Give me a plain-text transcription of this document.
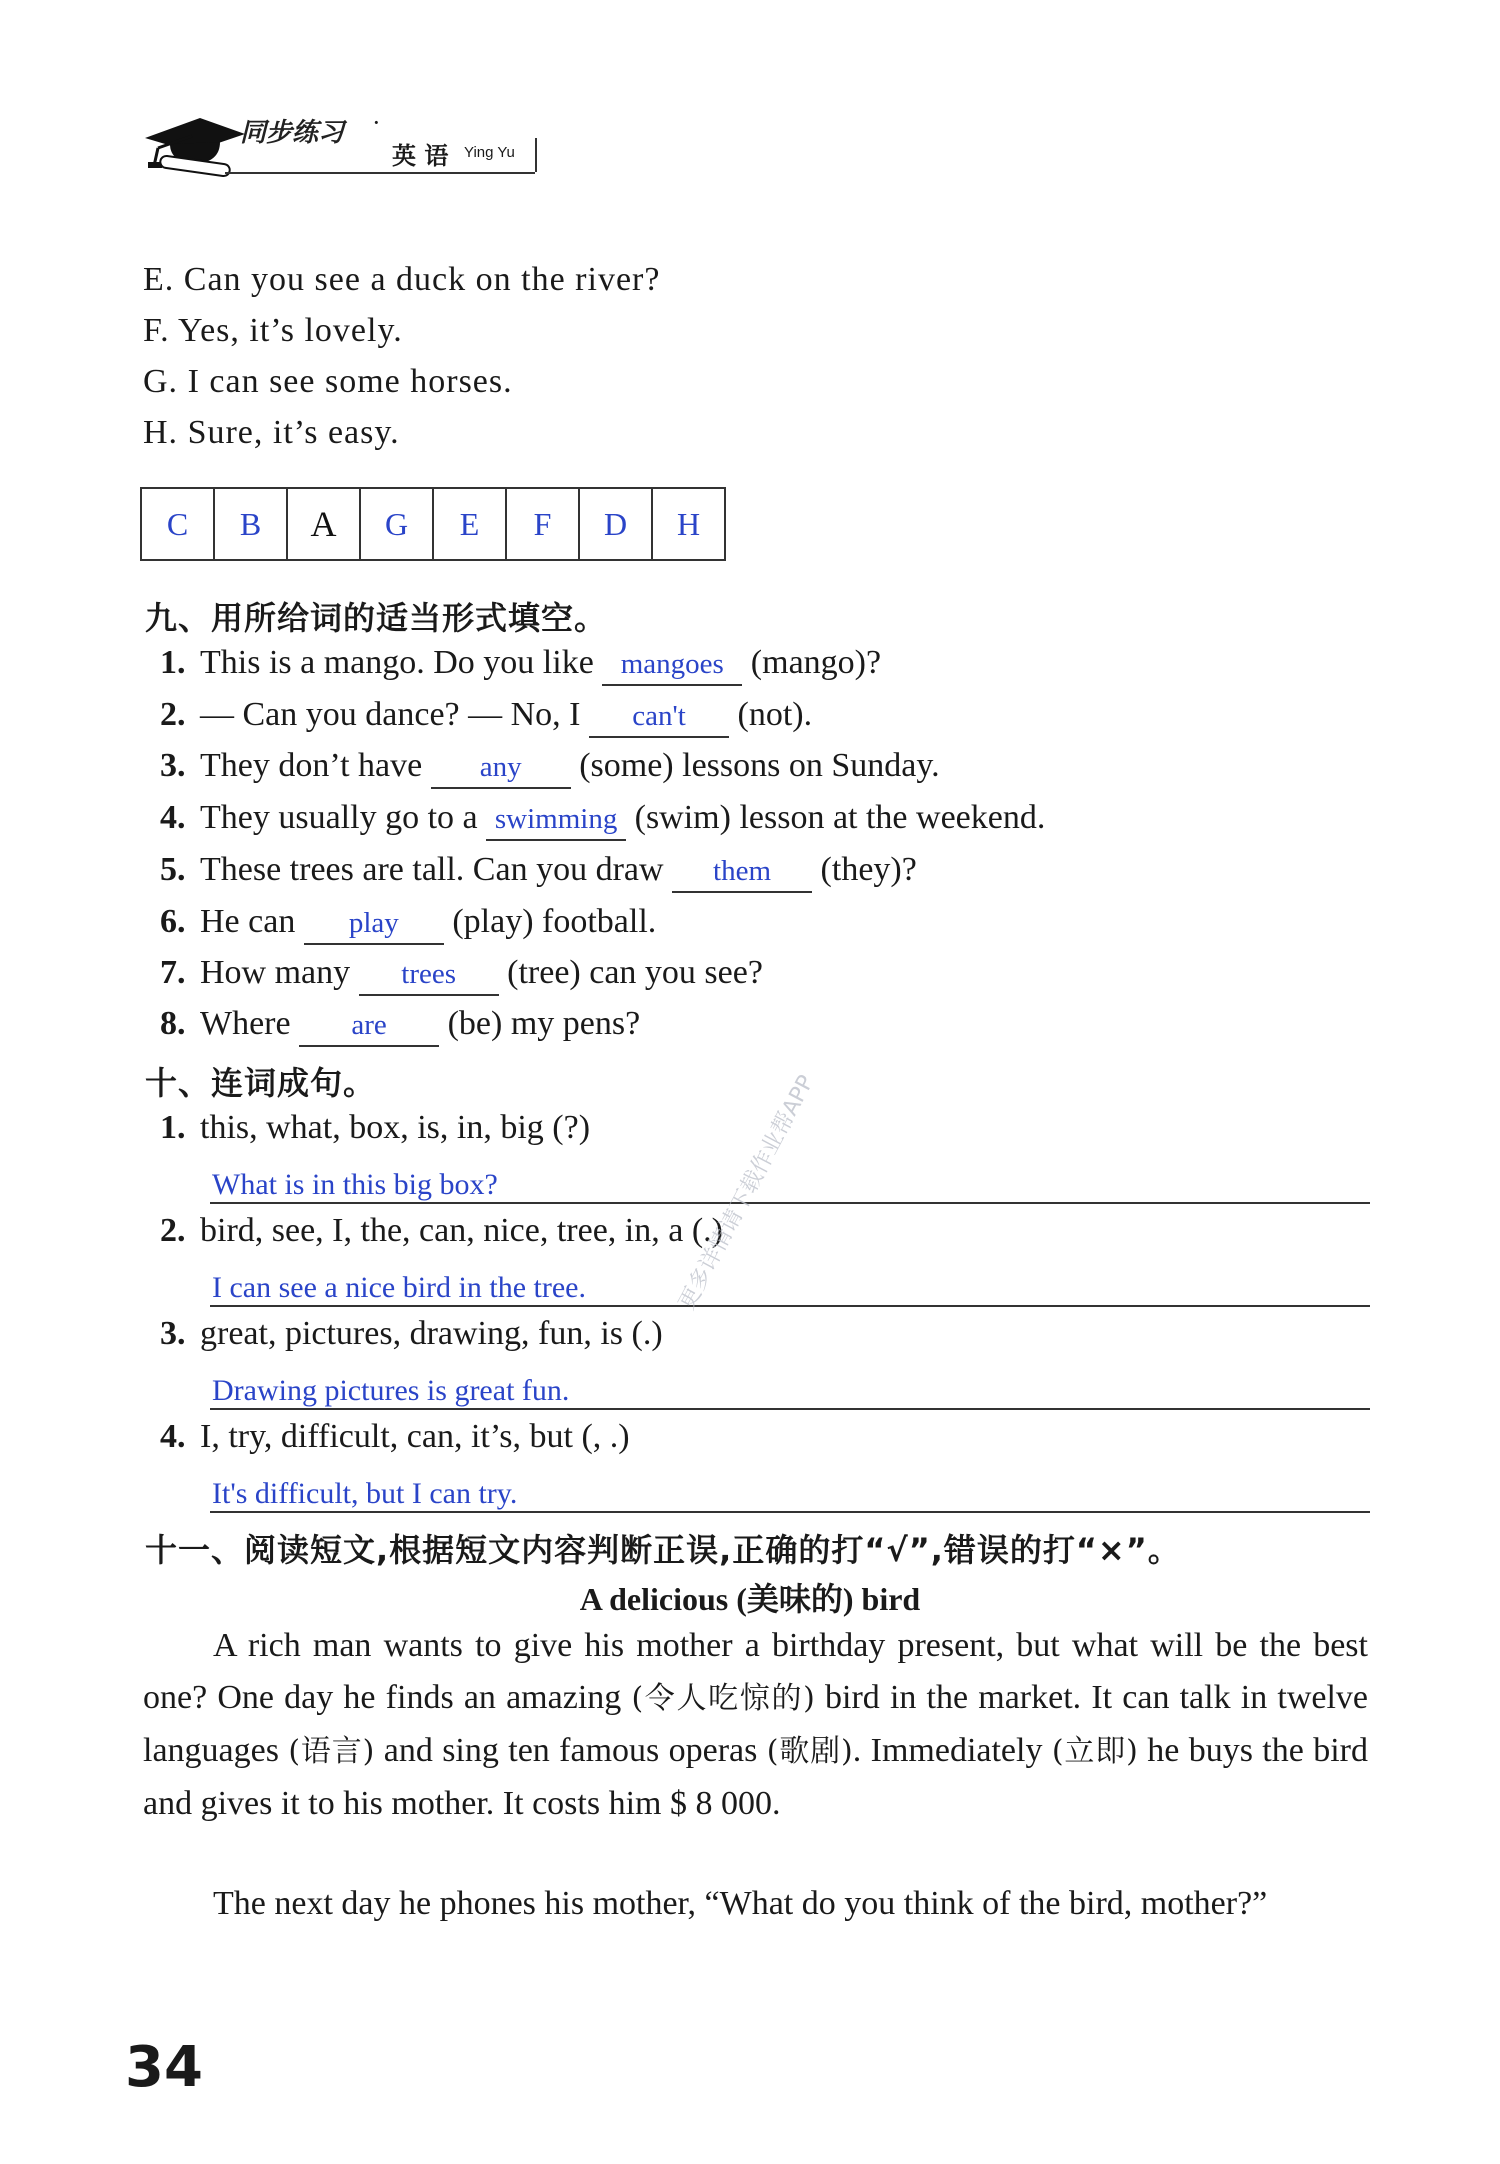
同步练习 ·
英 语 Ying Yu
E. Can you see a duck on the river?
F. Yes, it’s lovely.
G. I can see some horses.
H. Sure, it’s easy.
C	B	A	G	E	F	D	H
九、用所给词的适当形式填空。
1. This is a mango. Do you like mangoes (mango)?
2. — Can you dance? — No, I can't (not).
3. They don’t have any (some) lessons on Sunday.
4. They usually go to a swimming (swim) lesson at the weekend.
5. These trees are tall. Can you draw them (they)?
6. He can play (play) football.
7. How many trees (tree) can you see?
8. Where are (be) my pens?
十、连词成句。
1. this, what, box, is, in, big (?)
What is in this big box?
2. bird, see, I, the, can, nice, tree, in, a (.)
I can see a nice bird in the tree.
3. great, pictures, drawing, fun, is (.)
Drawing pictures is great fun.
4. I, try, difficult, can, it’s, but (, .)
It's difficult, but I can try.
十一、阅读短文,根据短文内容判断正误,正确的打“√”,错误的打“×”。
A delicious (美味的) bird
A rich man wants to give his mother a birthday present, but what will be the best one? One day he finds an amazing (令人吃惊的) bird in the market. It can talk in twelve languages (语言) and sing ten famous operas (歌剧). Immediately (立即) he buys the bird and gives it to his mother. It costs him $ 8 000.
The next day he phones his mother, “What do you think of the bird, mother?”
更多详情请下载作业帮APP
34
